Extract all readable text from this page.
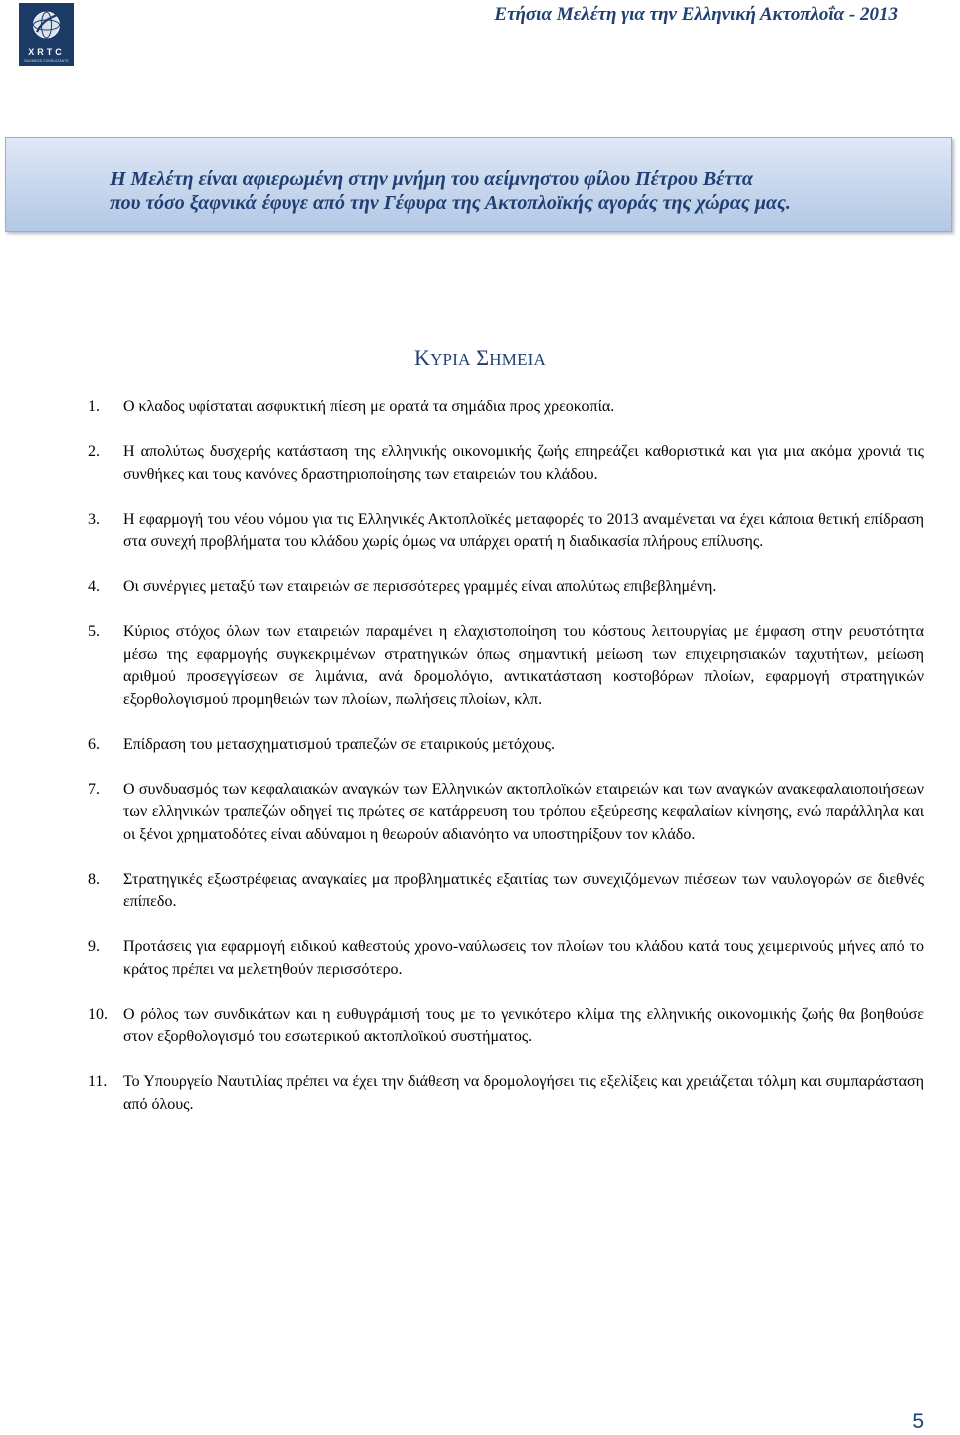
XRTC
BUSINESS CONSULTANTS
Ετήσια Μελέτη για την Ελληνική Ακτοπλοΐα - 2013
Η Μελέτη είναι αφιερωμένη στην μνήμη του αείμνηστου φίλου Πέτρου Βέττα
που τόσο ξαφνικά έφυγε από την Γέφυρα της Ακτοπλοϊκής αγοράς της χώρας μας.
ΚΥΡΙΑ ΣΗΜΕΙΑ
1. Ο κλαδος υφίσταται ασφυκτική πίεση με ορατά τα σημάδια προς χρεοκοπία.
2. Η απολύτως δυσχερής κατάσταση της ελληνικής οικονομικής ζωής επηρεάζει καθοριστικά και για μια ακόμα χρονιά τις συνθήκες και τους κανόνες δραστηριοποίησης των εταιρειών του κλάδου.
3. Η εφαρμογή του νέου νόμου για τις Ελληνικές Ακτοπλοϊκές μεταφορές το 2013 αναμένεται να έχει κάποια θετική επίδραση στα συνεχή προβλήματα του κλάδου χωρίς όμως να υπάρχει ορατή η διαδικασία πλήρους επίλυσης.
4. Οι συνέργιες μεταξύ των εταιρειών σε περισσότερες γραμμές είναι απολύτως επιβεβλημένη.
5. Κύριος στόχος όλων των εταιρειών παραμένει η ελαχιστοποίηση του κόστους λειτουργίας με έμφαση στην ρευστότητα μέσω της εφαρμογής συγκεκριμένων στρατηγικών όπως σημαντική μείωση των επιχειρησιακών ταχυτήτων, μείωση αριθμού προσεγγίσεων σε λιμάνια, ανά δρομολόγιο, αντικατάσταση κοστοβόρων πλοίων, εφαρμογή στρατηγικών εξορθολογισμού προμηθειών των πλοίων, πωλήσεις πλοίων, κλπ.
6. Επίδραση του μετασχηματισμού τραπεζών σε εταιρικούς μετόχους.
7. Ο συνδυασμός των κεφαλαιακών αναγκών των Ελληνικών ακτοπλοϊκών εταιρειών και των αναγκών ανακεφαλαιοποιήσεων των ελληνικών τραπεζών οδηγεί τις πρώτες σε κατάρρευση του τρόπου εξεύρεσης κεφαλαίων κίνησης, ενώ παράλληλα και οι ξένοι χρηματοδότες είναι αδύναμοι η θεωρούν αδιανόητο να υποστηρίξουν τον κλάδο.
8. Στρατηγικές εξωστρέφειας αναγκαίες μα προβληματικές εξαιτίας των συνεχιζόμενων πιέσεων των ναυλογορών σε διεθνές επίπεδο.
9. Προτάσεις για εφαρμογή ειδικού καθεστούς χρονο-ναύλωσεις τον πλοίων του κλάδου κατά τους χειμερινούς μήνες από το κράτος πρέπει να μελετηθούν περισσότερο.
10. Ο ρόλος των συνδικάτων και η ευθυγράμισή τους με το γενικότερο κλίμα της ελληνικής οικονομικής ζωής θα βοηθούσε στον εξορθολογισμό του εσωτερικού ακτοπλοϊκού συστήματος.
11. Το Υπουργείο Ναυτιλίας πρέπει να έχει την διάθεση να δρομολογήσει τις εξελίξεις και χρειάζεται τόλμη και συμπαράσταση από όλους.
5
